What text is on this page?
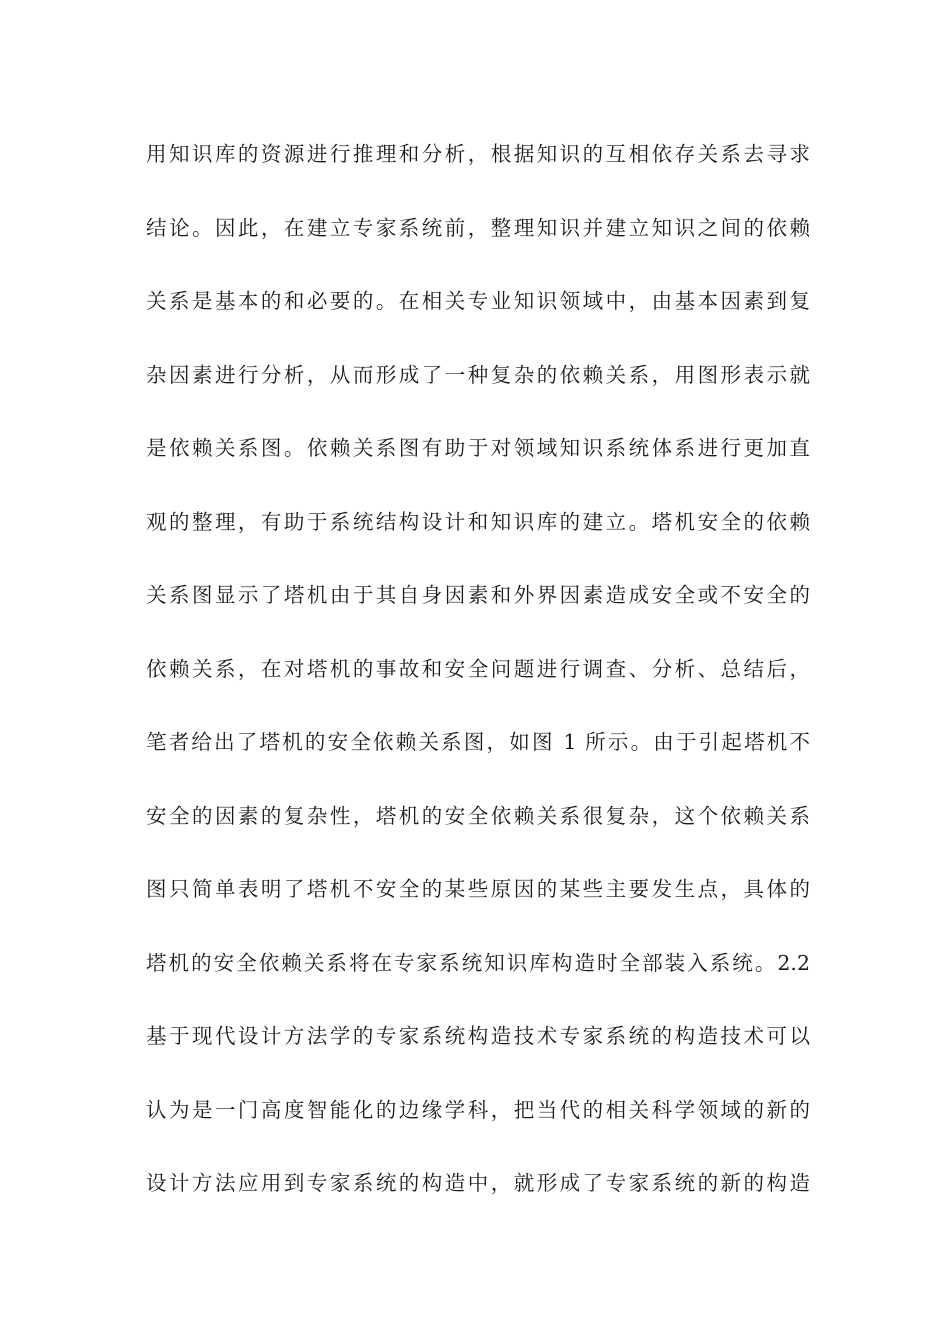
用知识库的资源进行推理和分析，根据知识的互相依存关系去寻求
结论。因此，在建立专家系统前，整理知识并建立知识之间的依赖
关系是基本的和必要的。在相关专业知识领域中，由基本因素到复
杂因素进行分析，从而形成了一种复杂的依赖关系，用图形表示就
是依赖关系图。依赖关系图有助于对领域知识系统体系进行更加直
观的整理，有助于系统结构设计和知识库的建立。塔机安全的依赖
关系图显示了塔机由于其自身因素和外界因素造成安全或不安全的
依赖关系，在对塔机的事故和安全问题进行调查、分析、总结后，
笔者给出了塔机的安全依赖关系图，如图 1 所示。由于引起塔机不
安全的因素的复杂性，塔机的安全依赖关系很复杂，这个依赖关系
图只简单表明了塔机不安全的某些原因的某些主要发生点，具体的
塔机的安全依赖关系将在专家系统知识库构造时全部装入系统。2.2
基于现代设计方法学的专家系统构造技术专家系统的构造技术可以
认为是一门高度智能化的边缘学科，把当代的相关科学领域的新的
设计方法应用到专家系统的构造中，就形成了专家系统的新的构造
